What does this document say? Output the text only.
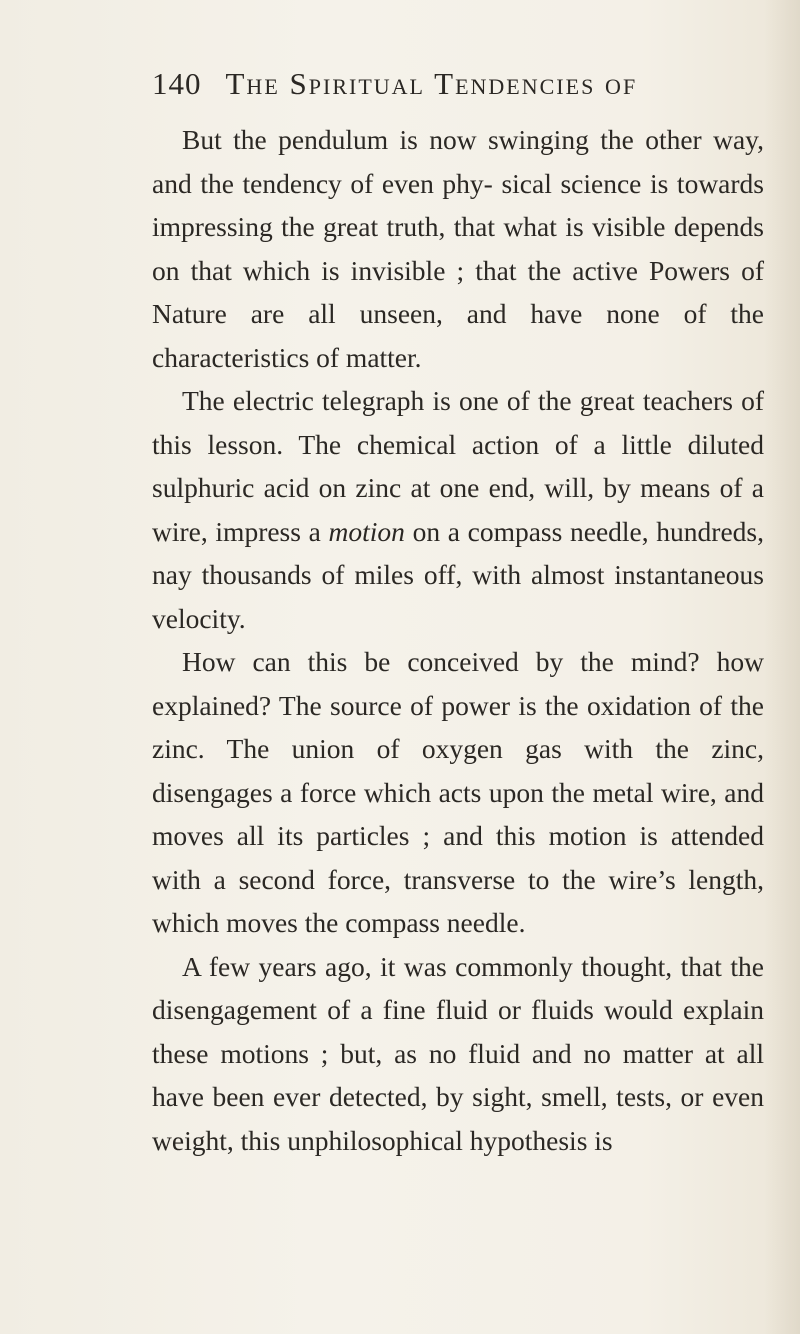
140 The Spiritual Tendencies of

But the pendulum is now swinging the other way, and the tendency of even phy- sical science is towards impressing the great truth, that what is visible depends on that which is invisible ; that the active Powers of Nature are all unseen, and have none of the characteristics of matter.

The electric telegraph is one of the great teachers of this lesson. The chemical action of a little diluted sulphuric acid on zinc at one end, will, by means of a wire, impress a motion on a compass needle, hundreds, nay thousands of miles off, with almost instantaneous velocity.

How can this be conceived by the mind? how explained? The source of power is the oxidation of the zinc. The union of oxygen gas with the zinc, disengages a force which acts upon the metal wire, and moves all its particles ; and this motion is attended with a second force, transverse to the wire’s length, which moves the compass needle.

A few years ago, it was commonly thought, that the disengagement of a fine fluid or fluids would explain these motions ; but, as no fluid and no matter at all have been ever detected, by sight, smell, tests, or even weight, this unphilosophical hypothesis is
